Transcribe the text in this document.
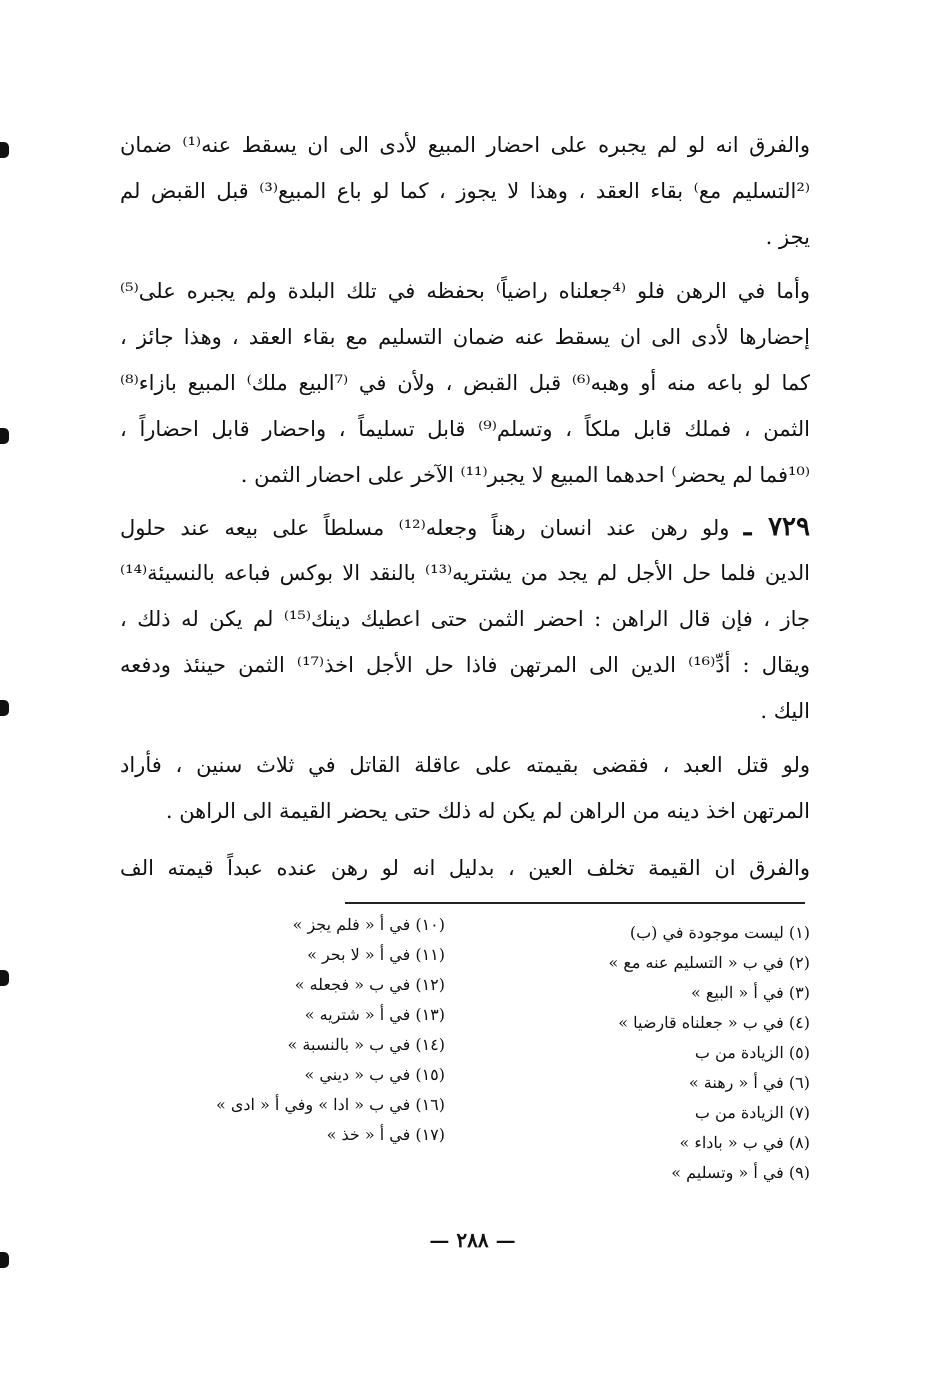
والفرق انه لو لم يجبره على احضار المبيع لأدى الى ان يسقط عنه⁽¹⁾ ضمان
⁽²التسليم مع⁾ بقاء العقد ، وهذا لا يجوز ، كما لو باع المبيع⁽³⁾ قبل القبض لم
يجز .
وأما في الرهن فلو ⁽⁴جعلناه راضياً⁾ بحفظه في تلك البلدة ولم يجبره على⁽⁵⁾
إحضارها لأدى الى ان يسقط عنه ضمان التسليم مع بقاء العقد ، وهذا جائز ،
كما لو باعه منه أو وهبه⁽⁶⁾ قبل القبض ، ولأن في ⁽⁷البيع ملك⁾ المبيع بازاء⁽⁸⁾
الثمن ، فملك قابل ملكاً ، وتسلم⁽⁹⁾ قابل تسليماً ، واحضار قابل احضاراً ،
⁽¹⁰فما لم يحضر⁾ احدهما المبيع لا يجبر⁽¹¹⁾ الآخر على احضار الثمن .
٧٢٩ ـ ولو رهن عند انسان رهناً وجعله⁽¹²⁾ مسلطاً على بيعه عند حلول
الدين فلما حل الأجل لم يجد من يشتريه⁽¹³⁾ بالنقد الا بوكس فباعه بالنسيئة⁽¹⁴⁾
جاز ، فإن قال الراهن : احضر الثمن حتى اعطيك دينك⁽¹⁵⁾ لم يكن له ذلك ،
ويقال : أدِّ⁽¹⁶⁾ الدين الى المرتهن فاذا حل الأجل اخذ⁽¹⁷⁾ الثمن حينئذ ودفعه
اليك .
ولو قتل العبد ، فقضى بقيمته على عاقلة القاتل في ثلاث سنين ، فأراد
المرتهن اخذ دينه من الراهن لم يكن له ذلك حتى يحضر القيمة الى الراهن .
والفرق ان القيمة تخلف العين ، بدليل انه لو رهن عنده عبداً قيمته الف
(١) ليست موجودة في (ب)
(٢) في ب « التسليم عنه مع »
(٣) في أ « البيع »
(٤) في ب « جعلناه قارضيا »
(٥) الزيادة من ب
(٦) في أ « رهنة »
(٧) الزيادة من ب
(٨) في ب « باداء »
(٩) في أ « وتسليم »
(١٠) في أ « فلم يجز »
(١١) في أ « لا بحر »
(١٢) في ب « فجعله »
(١٣) في أ « شتريه »
(١٤) في ب « بالنسبة »
(١٥) في ب « ديني »
(١٦) في ب « ادا » وفي أ « ادى »
(١٧) في أ « خذ »
— ٢٨٨ —
